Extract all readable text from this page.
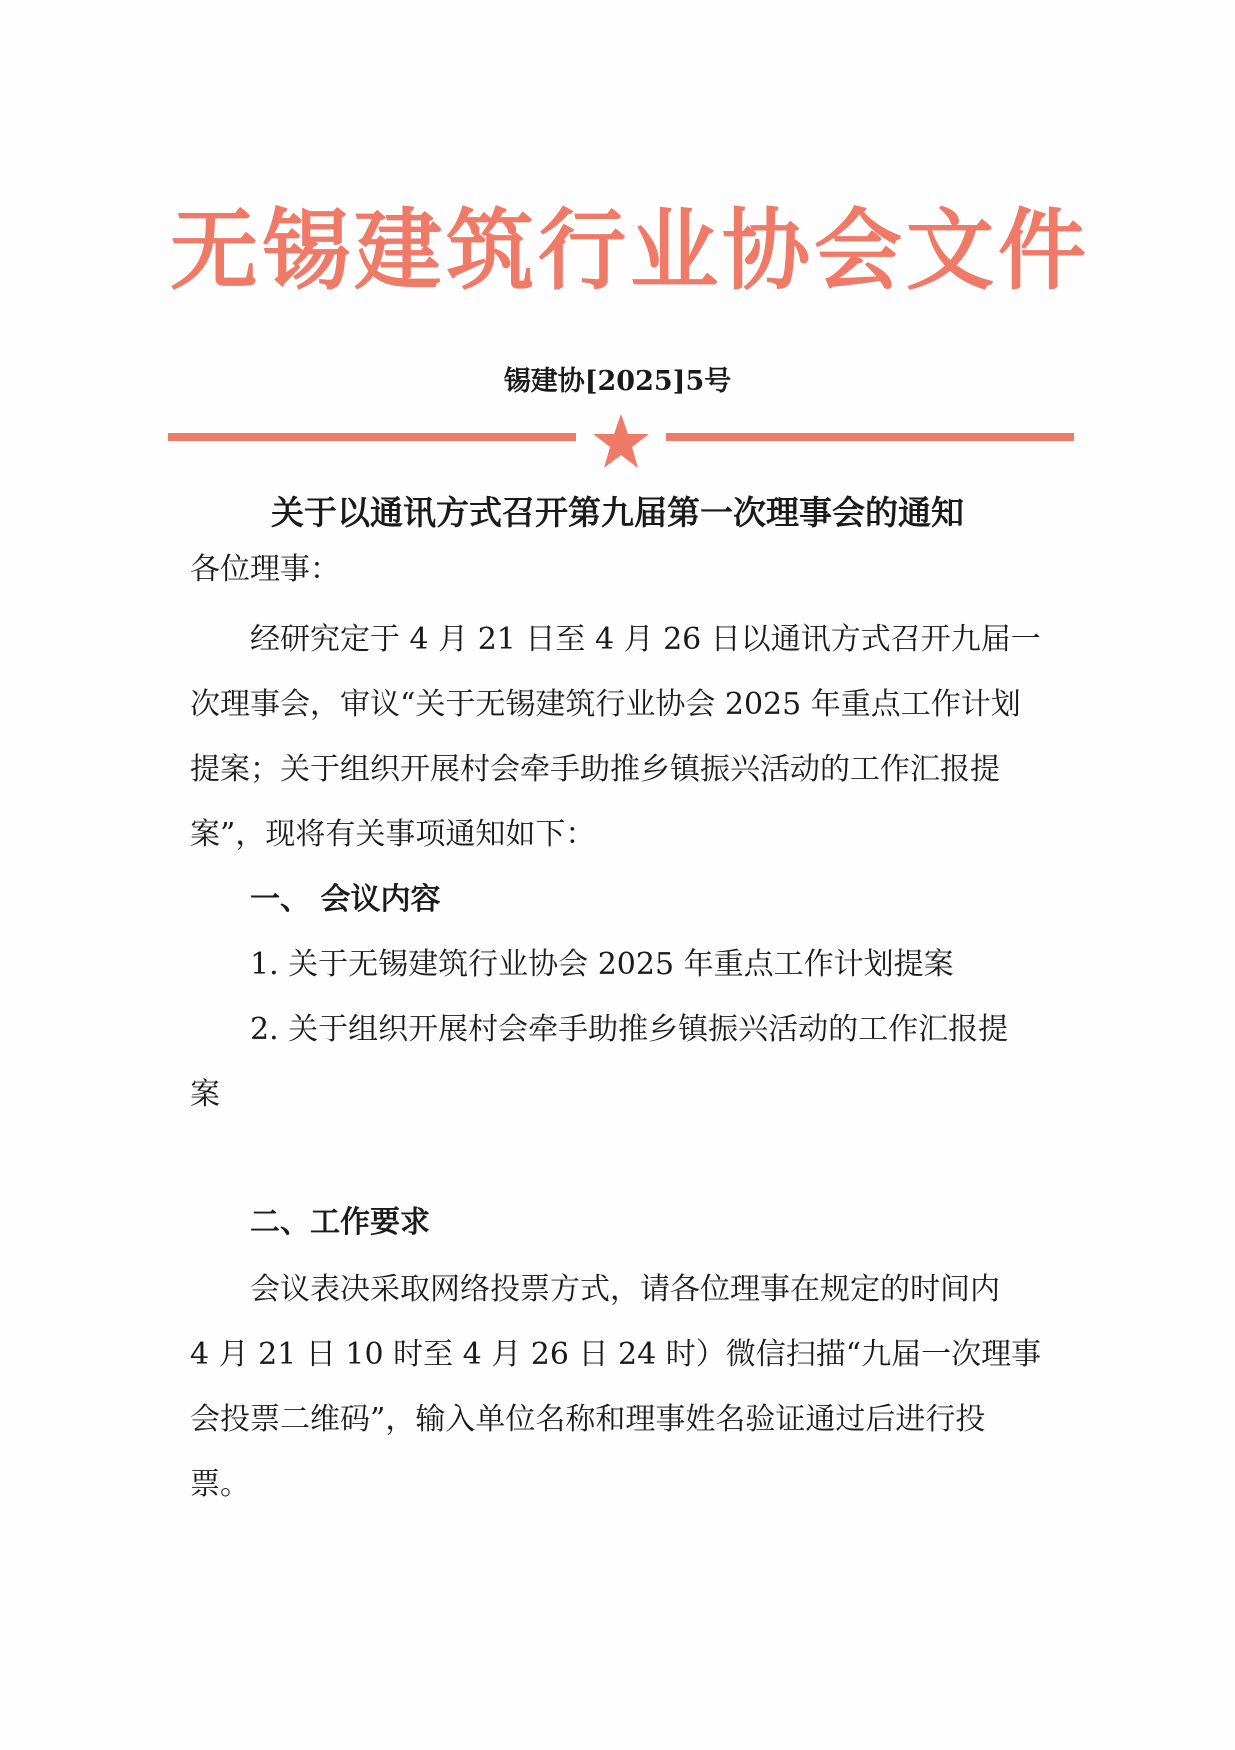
无锡建筑行业协会文件
锡建协[2025]5号
关于以通讯方式召开第九届第一次理事会的通知
各位理事：
经研究定于 4 月 21 日至 4 月 26 日以通讯方式召开九届一
次理事会，审议“关于无锡建筑行业协会 2025 年重点工作计划
提案；关于组织开展村会牵手助推乡镇振兴活动的工作汇报提
案”，现将有关事项通知如下：
一、 会议内容
1. 关于无锡建筑行业协会 2025 年重点工作计划提案
2. 关于组织开展村会牵手助推乡镇振兴活动的工作汇报提
案
二、工作要求
会议表决采取网络投票方式，请各位理事在规定的时间内
4 月 21 日 10 时至 4 月 26 日 24 时）微信扫描“九届一次理事
会投票二维码”，输入单位名称和理事姓名验证通过后进行投
票。
